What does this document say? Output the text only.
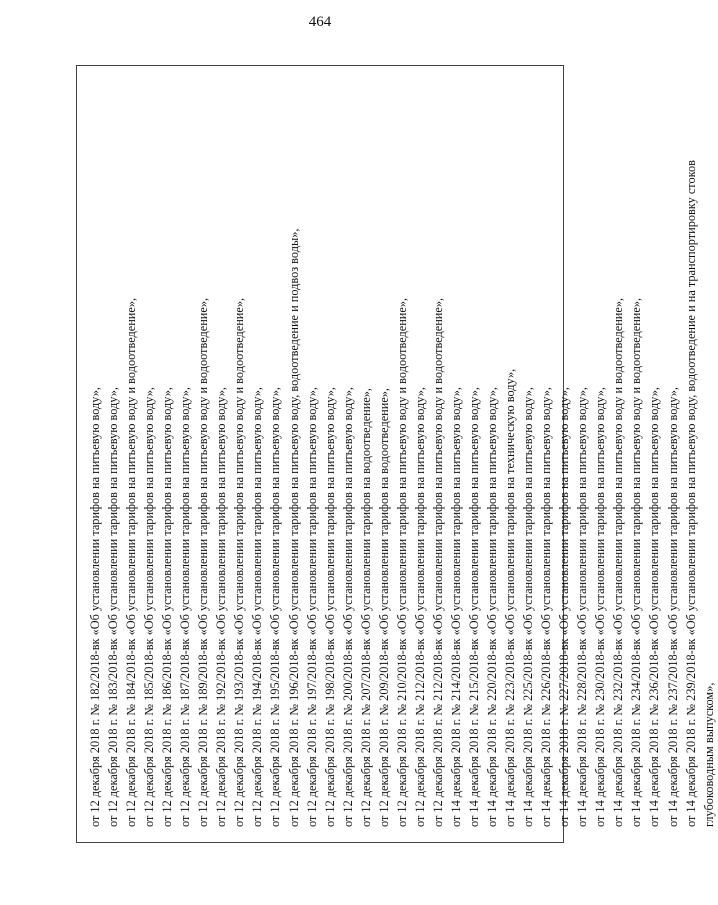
464
от 12 декабря 2018 г. № 182/2018-вк «Об установлении тарифов на питьевую воду», от 12 декабря 2018 г. № 183/2018-вк «Об установлении тарифов на питьевую воду», от 12 декабря 2018 г. № 184/2018-вк «Об установлении тарифов на питьевую воду и водоотведение», от 12 декабря 2018 г. № 185/2018-вк «Об установлении тарифов на питьевую воду», от 12 декабря 2018 г. № 186/2018-вк «Об установлении тарифов на питьевую воду», от 12 декабря 2018 г. № 187/2018-вк «Об установлении тарифов на питьевую воду», от 12 декабря 2018 г. № 189/2018-вк «Об установлении тарифов на питьевую воду и водоотведение», от 12 декабря 2018 г. № 192/2018-вк «Об установлении тарифов на питьевую воду», от 12 декабря 2018 г. № 193/2018-вк «Об установлении тарифов на питьевую воду и водоотведение», от 12 декабря 2018 г. № 194/2018-вк «Об установлении тарифов на питьевую воду», от 12 декабря 2018 г. № 195/2018-вк «Об установлении тарифов на питьевую воду», от 12 декабря 2018 г. № 196/2018-вк «Об установлении тарифов на питьевую воду, водоотведение и подвоз воды», от 12 декабря 2018 г. № 197/2018-вк «Об установлении тарифов на питьевую воду», от 12 декабря 2018 г. № 198/2018-вк «Об установлении тарифов на питьевую воду», от 12 декабря 2018 г. № 200/2018-вк «Об установлении тарифов на питьевую воду», от 12 декабря 2018 г. № 207/2018-вк «Об установлении тарифов на водоотведение», от 12 декабря 2018 г. № 209/2018-вк «Об установлении тарифов на водоотведение», от 12 декабря 2018 г. № 210/2018-вк «Об установлении тарифов на питьевую воду и водоотведение», от 12 декабря 2018 г. № 212/2018-вк «Об установлении тарифов на питьевую воду», от 12 декабря 2018 г. № 212/2018-вк «Об установлении тарифов на питьевую воду и водоотведение», от 14 декабря 2018 г. № 214/2018-вк «Об установлении тарифов на питьевую воду», от 14 декабря 2018 г. № 215/2018-вк «Об установлении тарифов на питьевую воду», от 14 декабря 2018 г. № 220/2018-вк «Об установлении тарифов на питьевую воду», от 14 декабря 2018 г. № 223/2018-вк «Об установлении тарифов на техническую воду», от 14 декабря 2018 г. № 225/2018-вк «Об установлении тарифов на питьевую воду», от 14 декабря 2018 г. № 226/2018-вк «Об установлении тарифов на питьевую воду», от 14 декабря 2018 г. № 227/2018-вк «Об установлении тарифов на питьевую воду», от 14 декабря 2018 г. № 228/2018-вк «Об установлении тарифов на питьевую воду», от 14 декабря 2018 г. № 230/2018-вк «Об установлении тарифов на питьевую воду», от 14 декабря 2018 г. № 232/2018-вк «Об установлении тарифов на питьевую воду и водоотведение», от 14 декабря 2018 г. № 234/2018-вк «Об установлении тарифов на питьевую воду и водоотведение», от 14 декабря 2018 г. № 236/2018-вк «Об установлении тарифов на питьевую воду», от 14 декабря 2018 г. № 237/2018-вк «Об установлении тарифов на питьевую воду», от 14 декабря 2018 г. № 239/2018-вк «Об установлении тарифов на питьевую воду, водоотведение и на транспортировку стоков глубоководным выпуском»,
